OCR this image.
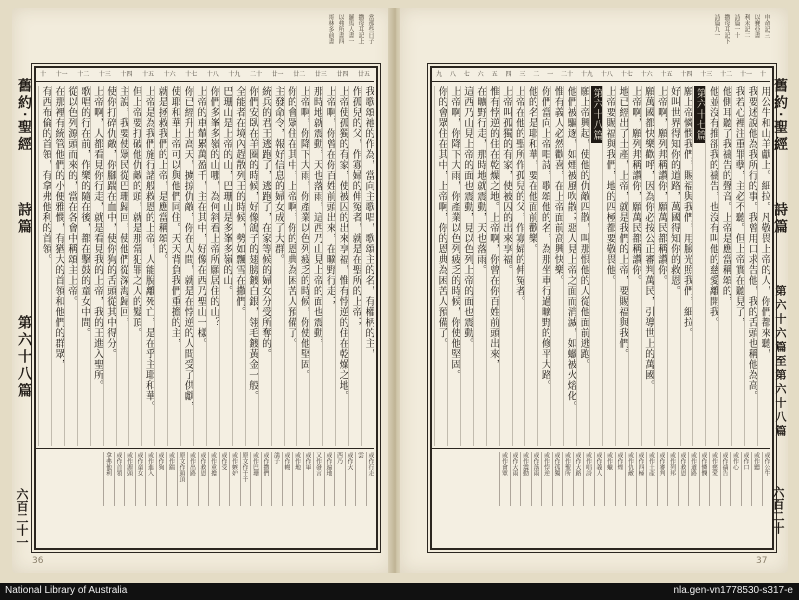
當那些日子
撒母耳記上
羅馬人書一
以弗所書四
哥林多前書
廿五
廿四
廿三
廿二
廿一
二十
十九
十八
十七
十六
十五
十四
十三
十二
十一
十
舊約‧聖經 詩篇 第六十八篇	我歌頌祂的作為，當向主歌唱，歌頌主的名，有權柄的主，
作孤兒的父，作寡婦的伸冤者，就是在聖所的上帝；
上帝使孤獨的有家，使被囚的出來享福，惟有悖逆的住在乾燥之地。
上帝啊，你曾在你百姓前頭出來，在曠野行走；
那時地就震動，天也落雨，這西乃山見上帝的面也震動，
上帝啊，你降下大雨，你產業以色列疲乏的時候，你使他堅固。
你的會眾住在其中，上帝啊，你的恩典為困苦人預備了。
主發命令，報好信息的婦女成了大群。
統兵的君王逃跑了，逃跑了，在家等候的婦女分受所奪的。
你們安臥在羊圈的時候，好像鴿子的翅膀鍍白銀，翎毛鍍黃金一般。
全能者在境內趕散列王的時候，勢如飄雪在撒們。
巴珊山是上帝的山，巴珊山是多峯多嶺的山。
你們多峯多嶺的山哪，為何斜看上帝所願居住的山？
上帝的車輦累萬盈千，主在其中，好像在西乃聖山一樣。
你已經升上高天，擄掠仇敵，你在人間，就是在悖逆的人間受了供獻，
使耶和華上帝可以與他們同住。天天背負我們重擔的主，
就是拯救我們的上帝，是應當稱頌的。
上帝是為我們施行諸般救恩的上帝，人能脫離死亡，是在乎主耶和華。
但上帝要打破他仇敵的頭，就是那常犯罪之人的髮頂。
主說，我要使眾民從巴珊歸回，使他們從深海歸回，
使你打碎仇敵，你腳踹在血中，使你狗的舌頭從其中得分。
上帝啊，人都看見你行走，就是看見我的上帝，我的王進入聖所。
歌唱的行在前，作樂的隨在後，都在擊鼓的童女中間。
從以色列源頭而來的，當在各會中稱頌主上帝。
在那裡有統管他們的小便雅憫，有猶大的首領和他們的群眾，
有西布倫的首領，有拿弗他利的首領。
或作行走
雲
或作大
西乃
或作遍地
又作發言
或作軍
或作地
或作幔
鴿子
或作撒們
或作巴珊
原文作千千
或作嫉妒
或作受
或作重擔
或作救恩
或作出路
原文作頭頂
或作踹
或作狗
或作進入
或作童女
或作源頭
或作首領
拿弗他利
六百二十一
36
申命記三
以賽亞書
利未記二
詩篇一十
撒母耳記下
詩篇九一
十
十一
十二
十三
十四
十五
十六
十七
十八
十九
二十
一
二
三
四
五
六
七
八
九
舊約‧聖經 詩篇 第六十六篇至第六十八篇
用公牛和山羊獻上。細拉。凡敬畏上帝的人，你們都來聽，
我要述說他為我所行的事。我曾用口求告他，我的舌頭也稱他為高。
我若心裡注重罪孽，主必不聽。但上帝實在聽見了，
他側耳聽了我禱告的聲音。上帝是應當稱頌的，
他並沒有推卻我的禱告，也沒有叫他的慈愛離開我。
第六十七篇
願上帝憐憫我們，賜福與我們，用臉光照我們，細拉。
好叫世界得知你的道路，萬國得知你的救恩。
上帝啊，願列邦稱讚你，願萬民都稱讚你。
願萬國都快樂歡呼，因為你必按公正審判萬民，引導世上的萬國。
上帝啊，願列邦稱讚你，願萬民都稱讚你。
地已經出了土產，上帝，就是我們的上帝，要賜福與我們。
上帝要賜福與我們，地的四極都要敬畏他。
第六十八篇
願上帝興起，使他的仇敵四散，叫那恨他的人從他面前逃跑。
他們被驅逐，如煙被風吹散；惡人見上帝之面而消滅，如蠟被火熔化。
惟有義人必然歡喜，在上帝面前高興快樂。
你們當向上帝唱詩，歌頌他的名，為那坐車行過曠野的修平大路。
他的名是耶和華，要在他面前歡樂。
上帝在他的聖所作孤兒的父，作寡婦的伸冤者。
上帝叫孤獨的有家，使被囚的出來享福。
惟有悖逆的住在乾燥之地。上帝啊，你曾在你百姓前頭出來，
在曠野行走，那時地就震動，天也落雨。
這西乃山見上帝的面也震動，見以色列上帝的面也震動。
上帝啊，你降下大雨，你產業以色列疲乏的時候，你使他堅固。
你的會眾住在其中，上帝啊，你的恩典為困苦人預備了。
或作公牛
或作聽
或作口
或作心
或作禱告
或作慈愛
或作憐憫
或作道路
或作救恩
或作列邦
或作審判
或作土產
或作四極
或作仇敵
或作煙
或作蠟
或作義人
或作唱詩
或作大路
或作聖所
或作孤獨
或作悖逆
或作落雨
或作震動
或作大雨
或作會眾
六百二十
37
National Library of Australia	nla.gen-vn1778530-s317-e
